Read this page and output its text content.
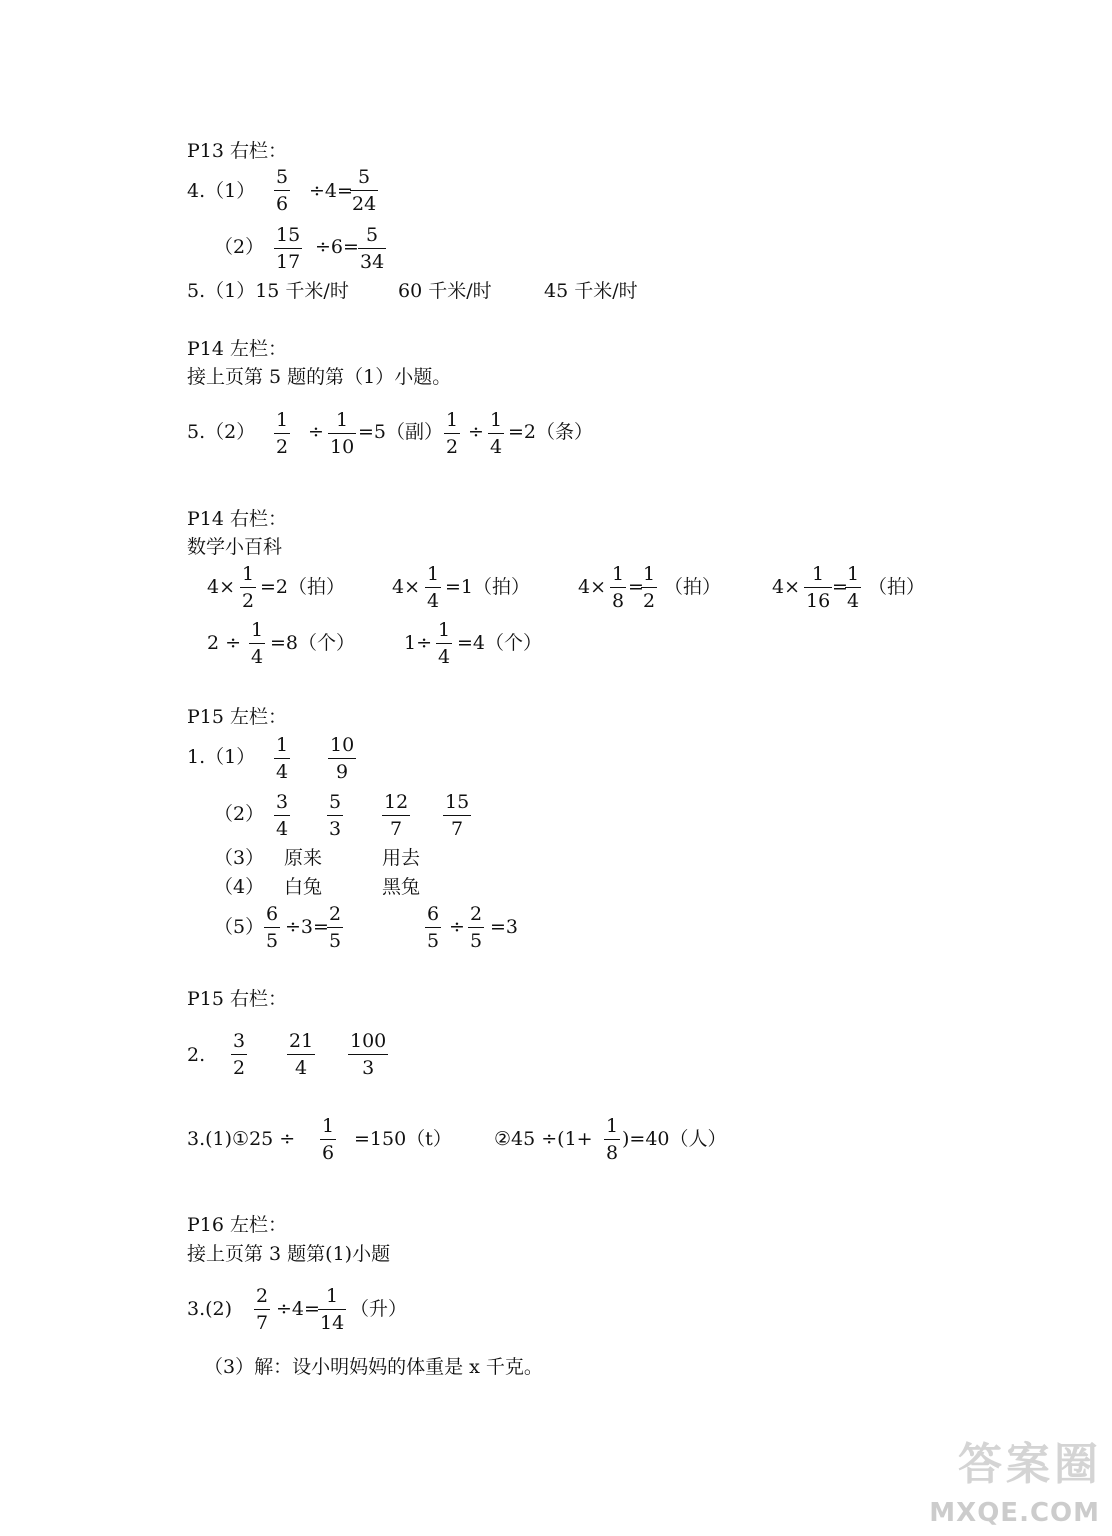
P13 右栏：
4.（1）
5
6
÷4=
5
24
（2）
15
17
÷6=
5
34
5.（1）15 千米/时	60 千米/时	45 千米/时
P14 左栏：
接上页第 5 题的第（1）小题。
5.（2）
1
2
÷
1
10
=5（副）
1
2
÷
1
4
=2（条）
P14 右栏：
数学小百科
4×
1
2
=2（拍） 4×
1
4
=1（拍）	4×
1
8
=
1
2
（拍）	4×
1
16
=
1
4
（拍）
2 ÷
1
4
=8（个）	1÷
1
4
=4（个）
P15 左栏：
1.（1）
1
4
10
9
（2）
3
4
5
3
12
7
15
7
（3） 原来	用去
（4） 白兔	黑兔
（5）
6
5
÷3=
2
5
6
5
÷
2
5
=3
P15 右栏：
2.
3
2
21
4
100
3
3.(1)①25 ÷
1
6
=150（t） ②45 ÷(1+
1
8
)=40（人）
P16 左栏：
接上页第 3 题第(1)小题
3.(2)
2
7
÷4=
1
14
（升）
（3）解：设小明妈妈的体重是 x 千克。
答案圈
MXQE.COM
